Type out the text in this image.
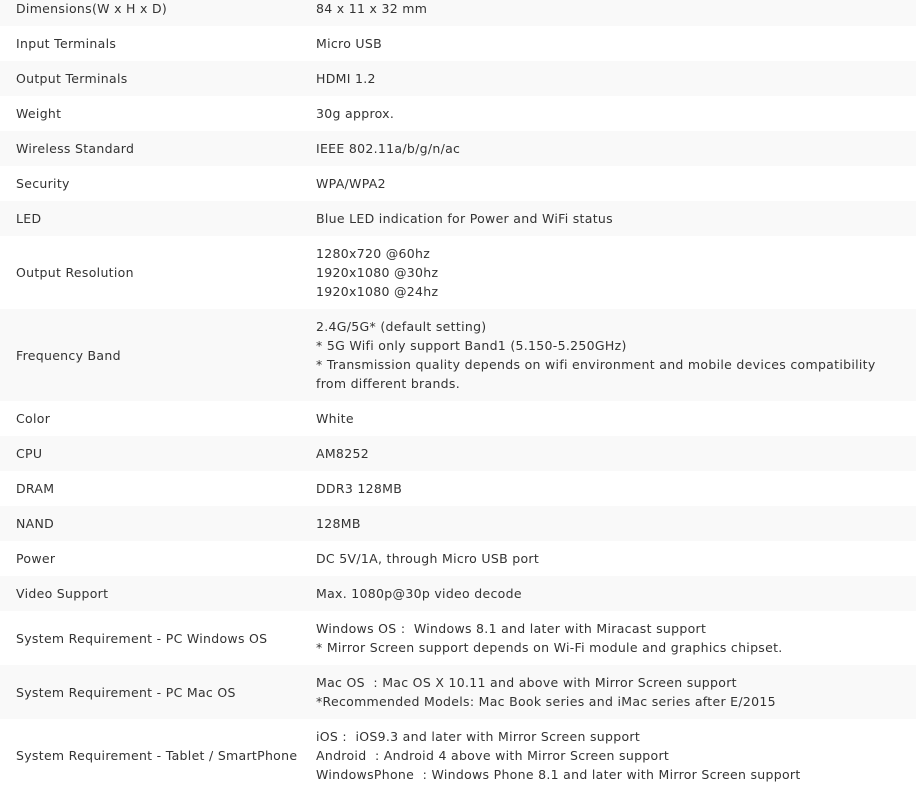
Dimensions(W x H x D)	84 x 11 x 32 mm

Input Terminals	Micro USB

Output Terminals	HDMI 1.2

Weight	30g approx.

Wireless Standard	IEEE 802.11a/b/g/n/ac

Security	WPA/WPA2

LED	Blue LED indication for Power and WiFi status

Output Resolution	1280x720 @60hz
1920x1080 @30hz
1920x1080 @24hz

Frequency Band	2.4G/5G* (default setting)
* 5G Wifi only support Band1 (5.150-5.250GHz)
* Transmission quality depends on wifi environment and mobile devices compatibility from different brands.

Color	White

CPU	AM8252

DRAM	DDR3 128MB

NAND	128MB

Power	DC 5V/1A, through Micro USB port

Video Support	Max. 1080p@30p video decode

System Requirement - PC Windows OS	Windows OS :  Windows 8.1 and later with Miracast support
* Mirror Screen support depends on Wi-Fi module and graphics chipset.

System Requirement - PC Mac OS	Mac OS  : Mac OS X 10.11 and above with Mirror Screen support
*Recommended Models: Mac Book series and iMac series after E/2015

System Requirement - Tablet / SmartPhone	iOS :  iOS9.3 and later with Mirror Screen support
Android  : Android 4 above with Mirror Screen support
WindowsPhone  : Windows Phone 8.1 and later with Mirror Screen support
